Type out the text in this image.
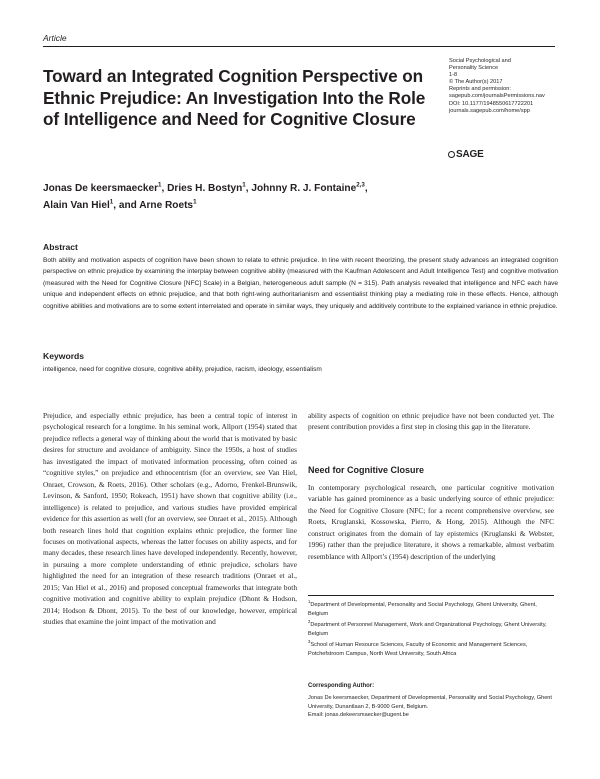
Article
Toward an Integrated Cognition Perspective on Ethnic Prejudice: An Investigation Into the Role of Intelligence and Need for Cognitive Closure
Social Psychological and
Personality Science
1-8
© The Author(s) 2017
Reprints and permission:
sagepub.com/journalsPermissions.nav
DOI: 10.1177/1948550617722201
journals.sagepub.com/home/spp
SAGE
Jonas De keersmaecker$^1$, Dries H. Bostyn$^1$, Johnny R. J. Fontaine$^{2,3}$,
Alain Van Hiel$^1$, and Arne Roets$^1$
Abstract
Both ability and motivation aspects of cognition have been shown to relate to ethnic prejudice. In line with recent theorizing, the present study advances an integrated cognition perspective on ethnic prejudice by examining the interplay between cognitive ability (measured with the Kaufman Adolescent and Adult Intelligence Test) and cognitive motivation (measured with the Need for Cognitive Closure [NFC] Scale) in a Belgian, heterogeneous adult sample (N = 315). Path analysis revealed that intelligence and NFC each have unique and independent effects on ethnic prejudice, and that both right-wing authoritarianism and essentialist thinking play a mediating role in these effects. Hence, although cognitive abilities and motivations are to some extent interrelated and operate in similar ways, they uniquely and additively contribute to the explained variance in ethnic prejudice.
Keywords
intelligence, need for cognitive closure, cognitive ability, prejudice, racism, ideology, essentialism
Prejudice, and especially ethnic prejudice, has been a central topic of interest in psychological research for a longtime. In his seminal work, Allport (1954) stated that prejudice reflects a general way of thinking about the world that is motivated by basic desires for structure and avoidance of ambiguity. Since the 1950s, a host of studies has investigated the impact of motivated information processing, often coined as “cognitive styles,” on prejudice and ethnocentrism (for an overview, see Van Hiel, Onraet, Crowson, & Roets, 2016). Other scholars (e.g., Adorno, Frenkel-Brunswik, Levinson, & Sanford, 1950; Rokeach, 1951) have shown that cognitive ability (i.e., intelligence) is related to prejudice, and various studies have provided empirical evidence for this assertion as well (for an overview, see Onraet et al., 2015). Although both research lines hold that cognition explains ethnic prejudice, the former line focuses on motivational aspects, whereas the latter focuses on ability aspects, and for many decades, these research lines have developed independently. Recently, however, in pursuing a more complete understanding of ethnic prejudice, scholars have highlighted the need for an integration of these research traditions (Onraet et al., 2015; Van Hiel et al., 2016) and proposed conceptual frameworks that integrate both cognitive motivation and cognitive ability to explain prejudice (Dhont & Hodson, 2014; Hodson & Dhont, 2015). To the best of our knowledge, however, empirical studies that examine the joint impact of the motivation and
ability aspects of cognition on ethnic prejudice have not been conducted yet. The present contribution provides a first step in closing this gap in the literature.
Need for Cognitive Closure
In contemporary psychological research, one particular cognitive motivation variable has gained prominence as a basic underlying source of ethnic prejudice: the Need for Cognitive Closure (NFC; for a recent comprehensive overview, see Roets, Kruglanski, Kossowska, Pierro, & Hong, 2015). Although the NFC construct originates from the domain of lay epistemics (Kruglanski & Webster, 1996) rather than the prejudice literature, it shows a remarkable, almost verbatim resemblance with Allport’s (1954) description of the underlying
$^1$Department of Developmental, Personality and Social Psychology, Ghent University, Ghent, Belgium
$^2$Department of Personnel Management, Work and Organizational Psychology, Ghent University, Belgium
$^3$School of Human Resource Sciences, Faculty of Economic and Management Sciences, Potchefstroom Campus, North West University, South Africa
Corresponding Author:
Jonas De keersmaecker, Department of Developmental, Personality and Social Psychology, Ghent University, Dunantlaan 2, B-9000 Gent, Belgium.
Email: jonas.dekeersmaecker@ugent.be
